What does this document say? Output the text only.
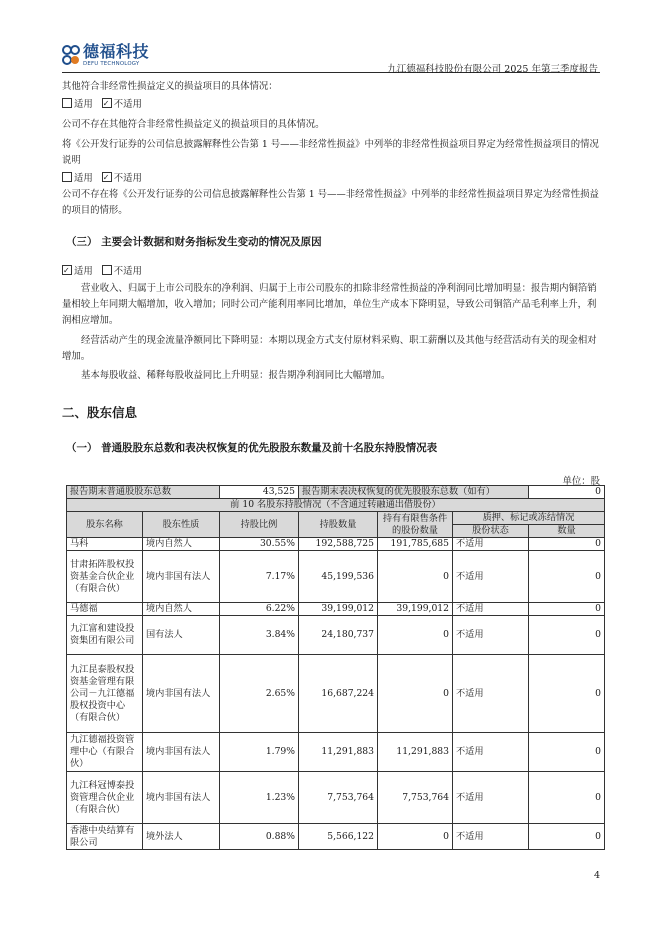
德福科技
DEFU TECHNOLOGY	九江德福科技股份有限公司 2025 年第三季度报告
其他符合非经常性损益定义的损益项目的具体情况：
适用 ✓ 不适用
公司不存在其他符合非经常性损益定义的损益项目的具体情况。
将《公开发行证券的公司信息披露解释性公告第 1 号——非经常性损益》中列举的非经常性损益项目界定为经常性损益项目的情况说明
适用 ✓ 不适用
公司不存在将《公开发行证券的公司信息披露解释性公告第 1 号——非经常性损益》中列举的非经常性损益项目界定为经常性损益的项目的情形。
（三） 主要会计数据和财务指标发生变动的情况及原因
✓适用 不适用
营业收入、归属于上市公司股东的净利润、归属于上市公司股东的扣除非经常性损益的净利润同比增加明显：报告期内铜箔销量相较上年同期大幅增加，收入增加；同时公司产能利用率同比增加，单位生产成本下降明显，导致公司铜箔产品毛利率上升，利润相应增加。
经营活动产生的现金流量净额同比下降明显：本期以现金方式支付原材料采购、职工薪酬以及其他与经营活动有关的现金相对增加。
基本每股收益、稀释每股收益同比上升明显：报告期净利润同比大幅增加。
二、股东信息
（一） 普通股股东总数和表决权恢复的优先股股东数量及前十名股东持股情况表
单位：股
报告期末普通股股东总数		43,525	报告期末表决权恢复的优先股股东总数（如有）			0
前 10 名股东持股情况（不含通过转融通出借股份）						
股东名称	股东性质	持股比例	持股数量	持有有限售条件的股份数量	质押、标记或冻结情况	
					股份状态	数量
马科	境内自然人	30.55%	192,588,725	191,785,685	不适用	0
甘肃拓阵股权投资基金合伙企业（有限合伙）	境内非国有法人	7.17%	45,199,536	0	不适用	0
马德福	境内自然人	6.22%	39,199,012	39,199,012	不适用	0
九江富和建设投资集团有限公司	国有法人	3.84%	24,180,737	0	不适用	0
九江昆泰股权投资基金管理有限公司－九江德福股权投资中心（有限合伙）	境内非国有法人	2.65%	16,687,224	0	不适用	0
九江德福投资管理中心（有限合伙）	境内非国有法人	1.79%	11,291,883	11,291,883	不适用	0
九江科冠博泰投资管理合伙企业（有限合伙）	境内非国有法人	1.23%	7,753,764	7,753,764	不适用	0
香港中央结算有限公司	境外法人	0.88%	5,566,122	0	不适用	0
4
